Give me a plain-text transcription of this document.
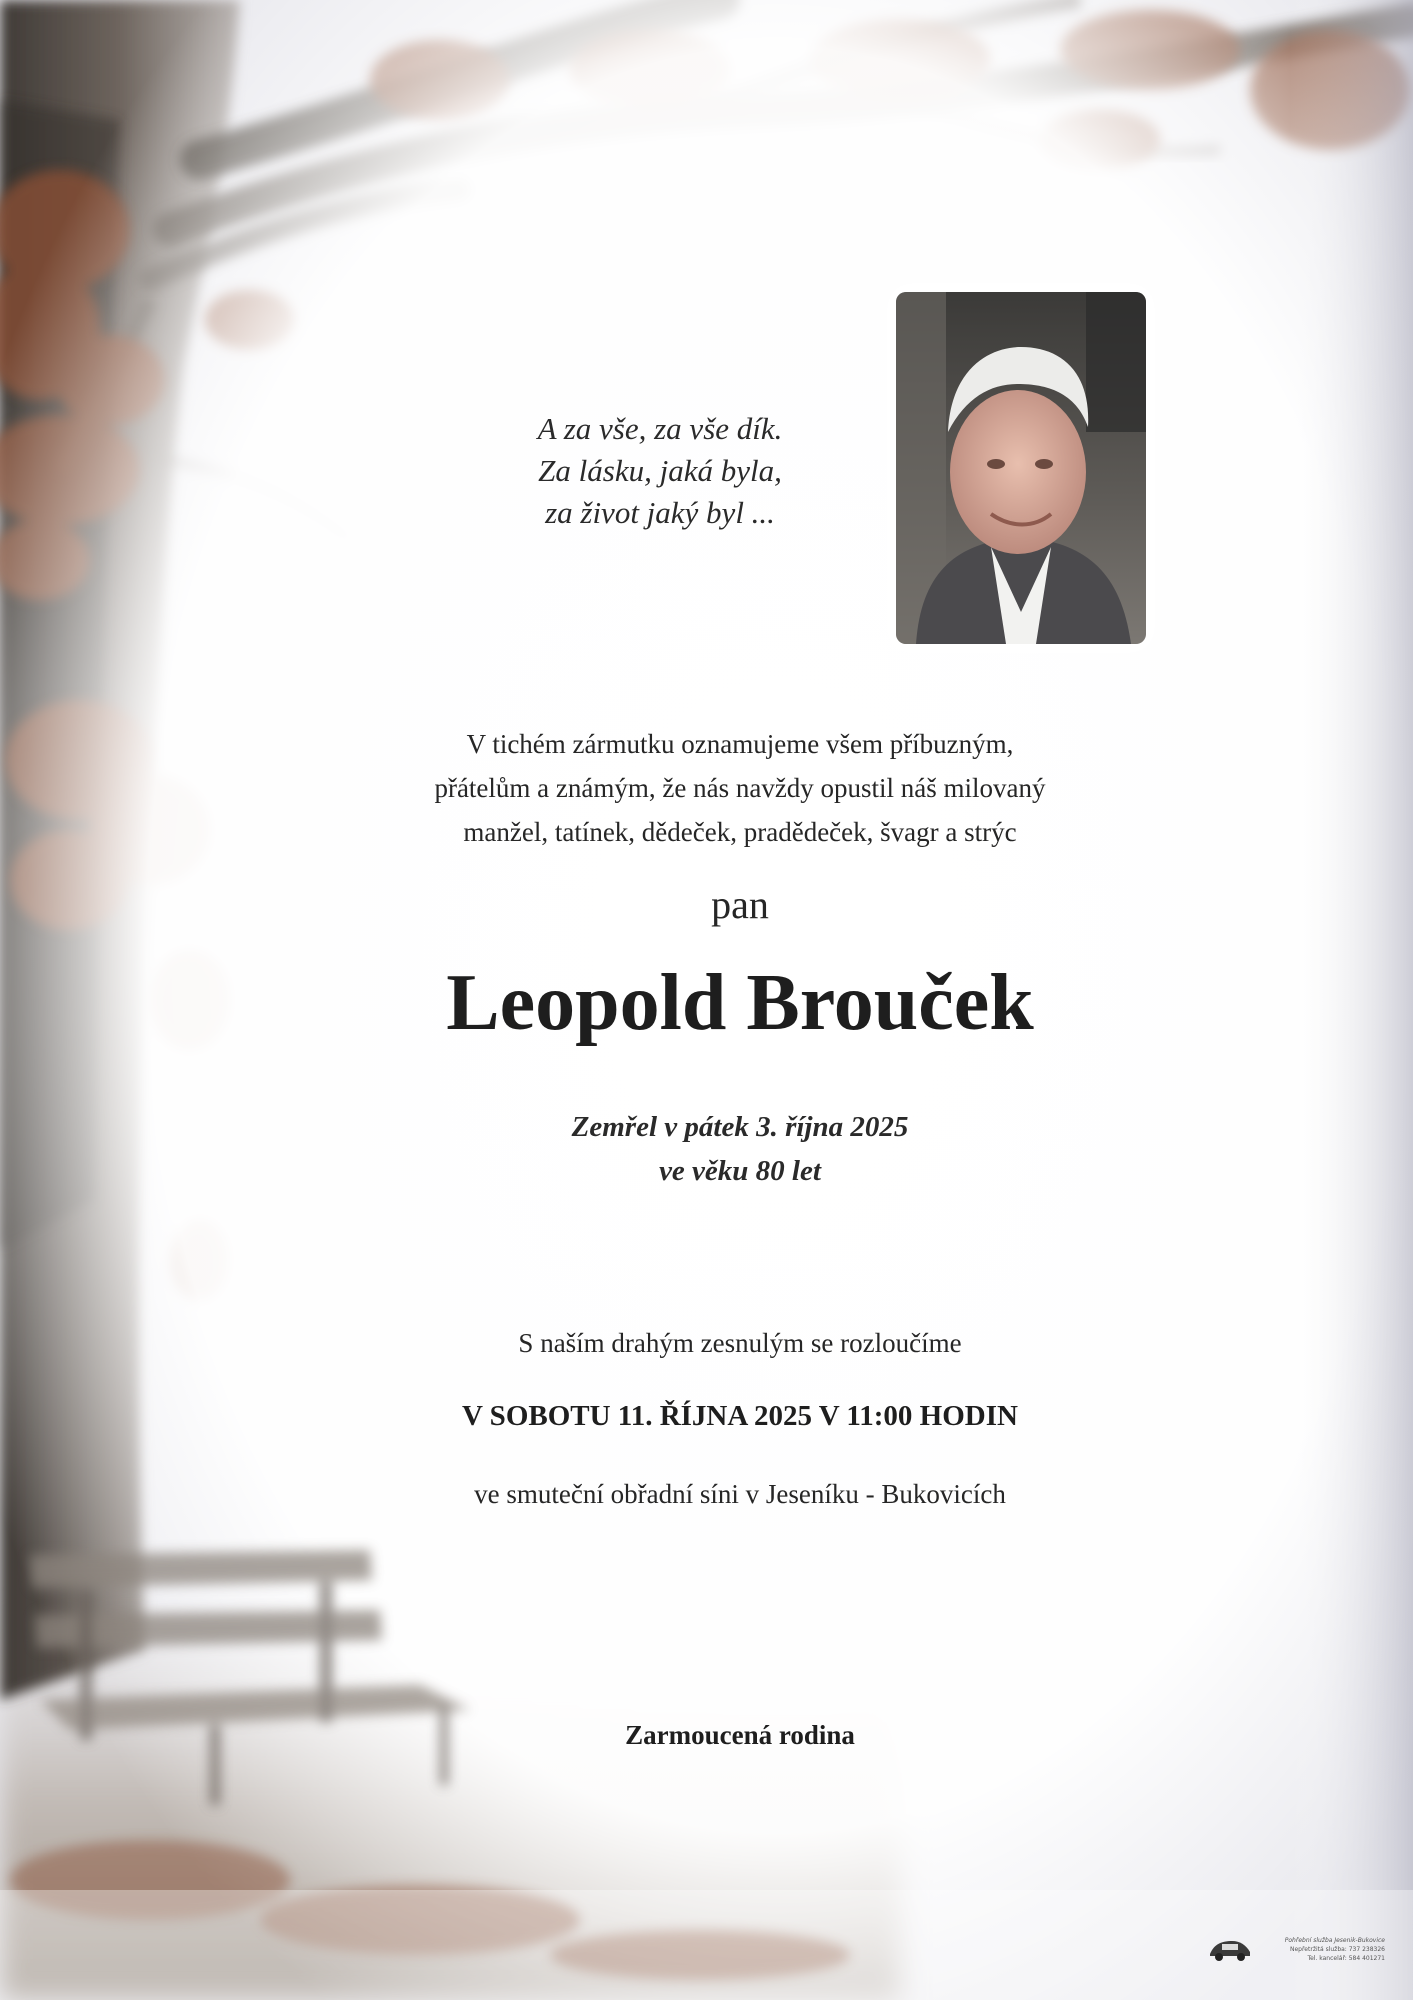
A za vše, za vše dík.
Za lásku, jaká byla,
za život jaký byl ...
V tichém zármutku oznamujeme všem příbuzným,
přátelům a známým, že nás navždy opustil náš milovaný
manžel, tatínek, dědeček, pradědeček, švagr a strýc
pan
Leopold Brouček
Zemřel v pátek 3. října 2025
ve věku 80 let
S naším drahým zesnulým se rozloučíme
V SOBOTU 11. ŘÍJNA 2025 V 11:00 HODIN
ve smuteční obřadní síni v Jeseníku - Bukovicích
Zarmoucená rodina
Pohřební služba Jesenik-Bukovice
Nepřetržitá služba: 737 238326
Tel. kancelář: 584 401271
